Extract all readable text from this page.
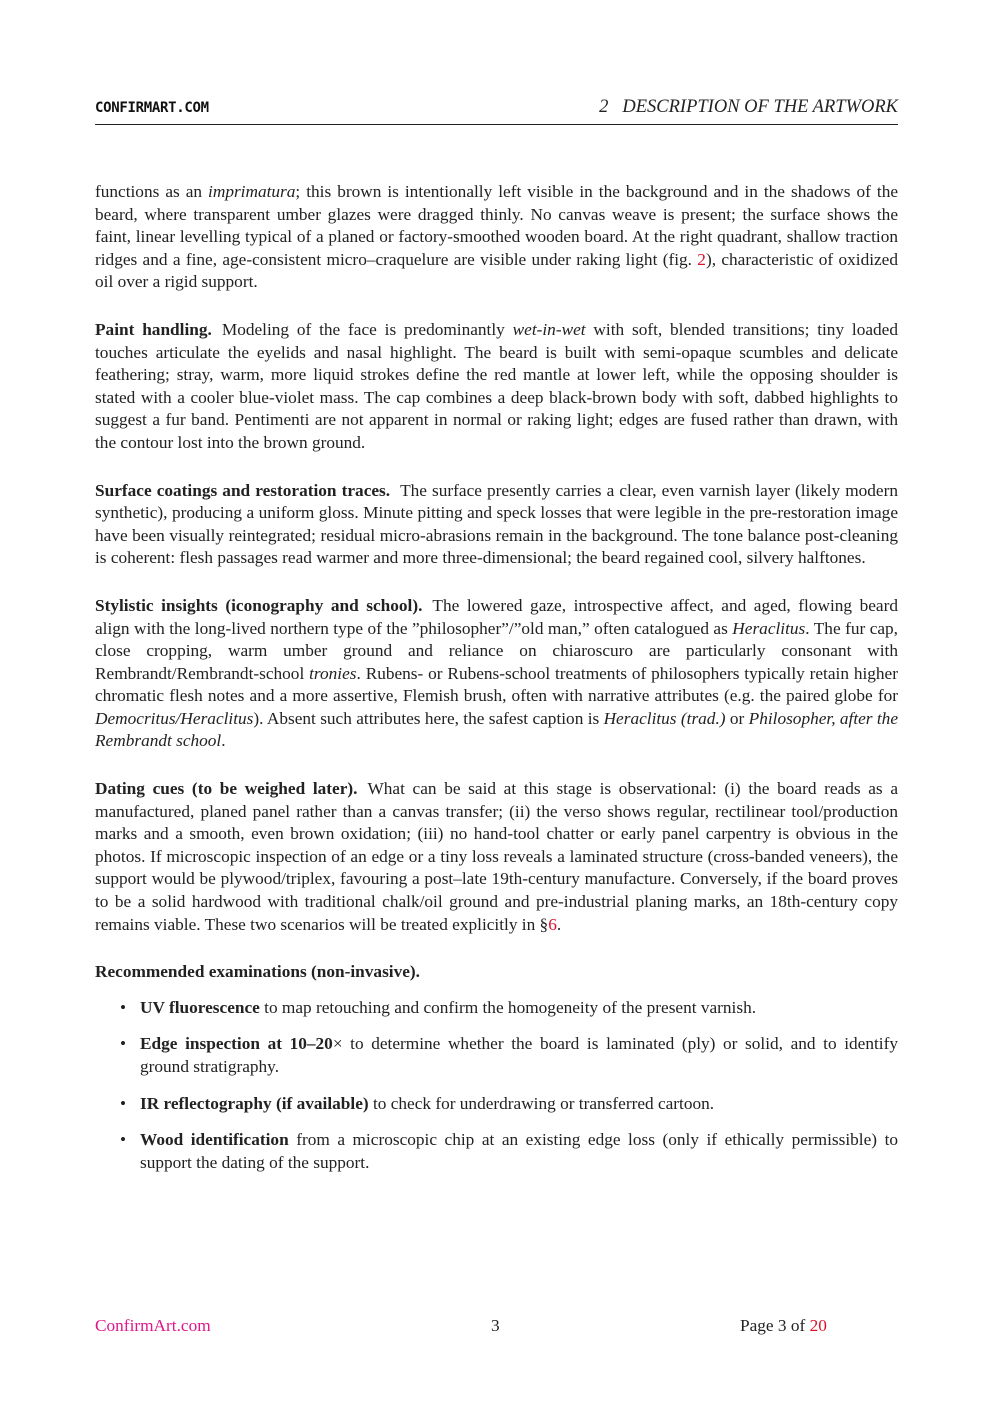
CONFIRMART.COM	2 DESCRIPTION OF THE ARTWORK

functions as an imprimatura; this brown is intentionally left visible in the background and in the shadows of the beard, where transparent umber glazes were dragged thinly. No canvas weave is present; the surface shows the faint, linear levelling typical of a planed or factory-smoothed wooden board. At the right quadrant, shallow traction ridges and a fine, age-consistent micro–craquelure are visible under raking light (fig. 2), characteristic of oxidized oil over a rigid support.

Paint handling. Modeling of the face is predominantly wet-in-wet with soft, blended transitions; tiny loaded touches articulate the eyelids and nasal highlight. The beard is built with semi-opaque scumbles and delicate feathering; stray, warm, more liquid strokes define the red mantle at lower left, while the opposing shoulder is stated with a cooler blue-violet mass. The cap combines a deep black-brown body with soft, dabbed highlights to suggest a fur band. Pentimenti are not apparent in normal or raking light; edges are fused rather than drawn, with the contour lost into the brown ground.

Surface coatings and restoration traces. The surface presently carries a clear, even varnish layer (likely modern synthetic), producing a uniform gloss. Minute pitting and speck losses that were legible in the pre-restoration image have been visually reintegrated; residual micro-abrasions remain in the background. The tone balance post-cleaning is coherent: flesh passages read warmer and more three-dimensional; the beard regained cool, silvery halftones.

Stylistic insights (iconography and school). The lowered gaze, introspective affect, and aged, flowing beard align with the long-lived northern type of the ”philosopher”/”old man,” often catalogued as Heraclitus. The fur cap, close cropping, warm umber ground and reliance on chiaroscuro are particularly consonant with Rembrandt/Rembrandt-school tronies. Rubens- or Rubens-school treatments of philosophers typically retain higher chromatic flesh notes and a more assertive, Flemish brush, often with narrative attributes (e.g. the paired globe for Democritus/Heraclitus). Absent such attributes here, the safest caption is Heraclitus (trad.) or Philosopher, after the Rembrandt school.

Dating cues (to be weighed later). What can be said at this stage is observational: (i) the board reads as a manufactured, planed panel rather than a canvas transfer; (ii) the verso shows regular, rectilinear tool/production marks and a smooth, even brown oxidation; (iii) no hand-tool chatter or early panel carpentry is obvious in the photos. If microscopic inspection of an edge or a tiny loss reveals a laminated structure (cross-banded veneers), the support would be plywood/triplex, favouring a post–late 19th-century manufacture. Conversely, if the board proves to be a solid hardwood with traditional chalk/oil ground and pre-industrial planing marks, an 18th-century copy remains viable. These two scenarios will be treated explicitly in §6.

Recommended examinations (non-invasive).
• UV fluorescence to map retouching and confirm the homogeneity of the present varnish.
• Edge inspection at 10–20× to determine whether the board is laminated (ply) or solid, and to identify ground stratigraphy.
• IR reflectography (if available) to check for underdrawing or transferred cartoon.
• Wood identification from a microscopic chip at an existing edge loss (only if ethically permissible) to support the dating of the support.
ConfirmArt.com	3	Page 3 of 20
